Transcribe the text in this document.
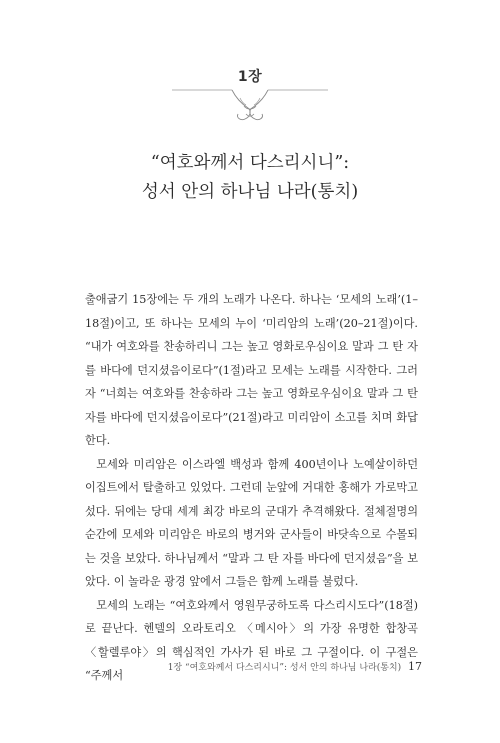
1장
“여호와께서 다스리시니”:
성서 안의 하나님 나라(통치)

출애굽기 15장에는 두 개의 노래가 나온다. 하나는 ‘모세의 노래’(1–18절)이고, 또 하나는 모세의 누이 ‘미리암의 노래’(20–21절)이다. “내가 여호와를 찬송하리니 그는 높고 영화로우심이요 말과 그 탄 자를 바다에 던지셨음이로다”(1절)라고 모세는 노래를 시작한다. 그러자 “너희는 여호와를 찬송하라 그는 높고 영화로우심이요 말과 그 탄 자를 바다에 던지셨음이로다”(21절)라고 미리암이 소고를 치며 화답한다.

모세와 미리암은 이스라엘 백성과 함께 400년이나 노예살이하던 이집트에서 탈출하고 있었다. 그런데 눈앞에 거대한 홍해가 가로막고 섰다. 뒤에는 당대 세계 최강 바로의 군대가 추격해왔다. 절체절명의 순간에 모세와 미리암은 바로의 병거와 군사들이 바닷속으로 수몰되는 것을 보았다. 하나님께서 “말과 그 탄 자를 바다에 던지셨음”을 보았다. 이 놀라운 광경 앞에서 그들은 함께 노래를 불렀다.

모세의 노래는 “여호와께서 영원무궁하도록 다스리시도다”(18절)로 끝난다. 헨델의 오라토리오 〈메시아〉의 가장 유명한 합창곡 〈할렐루야〉의 핵심적인 가사가 된 바로 그 구절이다. 이 구절은 “주께서

1장 “여호와께서 다스리시니”: 성서 안의 하나님 나라(통치) 17
